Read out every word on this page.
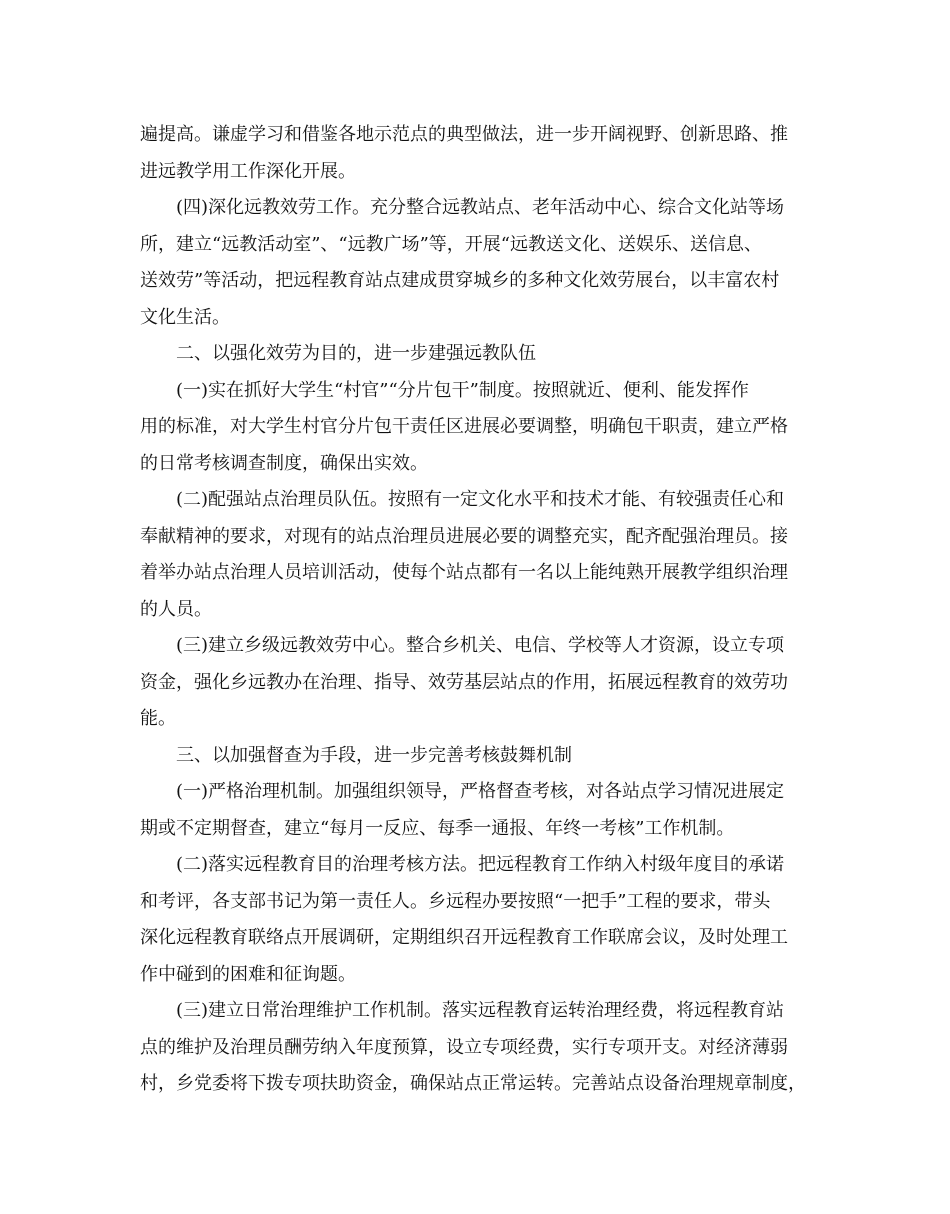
遍提高。谦虚学习和借鉴各地示范点的典型做法，进一步开阔视野、创新思路、推
进远教学用工作深化开展。
(四)深化远教效劳工作。充分整合远教站点、老年活动中心、综合文化站等场
所，建立“远教活动室”、“远教广场”等，开展“远教送文化、送娱乐、送信息、
送效劳”等活动，把远程教育站点建成贯穿城乡的多种文化效劳展台，以丰富农村
文化生活。
二、以强化效劳为目的，进一步建强远教队伍
(一)实在抓好大学生“村官”“分片包干”制度。按照就近、便利、能发挥作
用的标准，对大学生村官分片包干责任区进展必要调整，明确包干职责，建立严格
的日常考核调查制度，确保出实效。
(二)配强站点治理员队伍。按照有一定文化水平和技术才能、有较强责任心和
奉献精神的要求，对现有的站点治理员进展必要的调整充实，配齐配强治理员。接
着举办站点治理人员培训活动，使每个站点都有一名以上能纯熟开展教学组织治理
的人员。
(三)建立乡级远教效劳中心。整合乡机关、电信、学校等人才资源，设立专项
资金，强化乡远教办在治理、指导、效劳基层站点的作用，拓展远程教育的效劳功
能。
三、以加强督查为手段，进一步完善考核鼓舞机制
(一)严格治理机制。加强组织领导，严格督查考核，对各站点学习情况进展定
期或不定期督查，建立“每月一反应、每季一通报、年终一考核”工作机制。
(二)落实远程教育目的治理考核方法。把远程教育工作纳入村级年度目的承诺
和考评，各支部书记为第一责任人。乡远程办要按照“一把手”工程的要求，带头
深化远程教育联络点开展调研，定期组织召开远程教育工作联席会议，及时处理工
作中碰到的困难和征询题。
(三)建立日常治理维护工作机制。落实远程教育运转治理经费，将远程教育站
点的维护及治理员酬劳纳入年度预算，设立专项经费，实行专项开支。对经济薄弱
村，乡党委将下拨专项扶助资金，确保站点正常运转。完善站点设备治理规章制度，
